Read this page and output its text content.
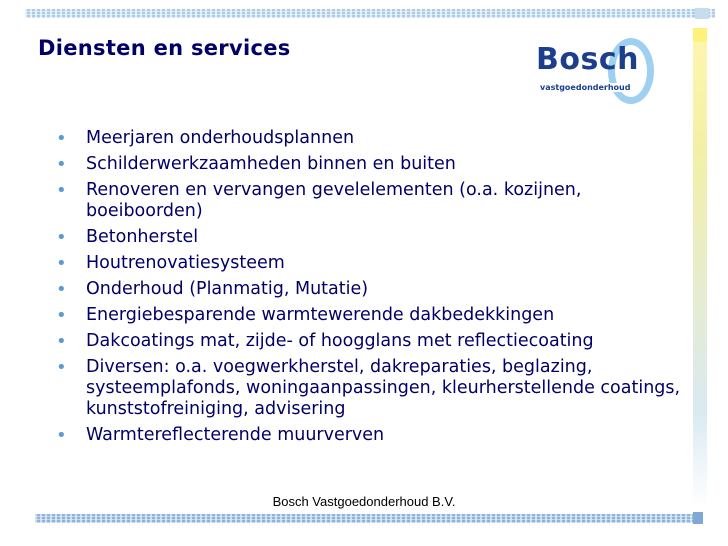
Diensten en services	Bosch
vastgoedonderhoud
• Meerjaren onderhoudsplannen
• Schilderwerkzaamheden binnen en buiten
• Renoveren en vervangen gevelelementen (o.a. kozijnen, boeiboorden)
• Betonherstel
• Houtrenovatiesysteem
• Onderhoud (Planmatig, Mutatie)
• Energiebesparende warmtewerende dakbedekkingen
• Dakcoatings mat, zijde- of hoogglans met reflectiecoating
• Diversen: o.a. voegwerkherstel, dakreparaties, beglazing, systeemplafonds, woningaanpassingen, kleurherstellende coatings, kunststofreiniging, advisering
• Warmtereflecterende muurverven
Bosch Vastgoedonderhoud B.V.
